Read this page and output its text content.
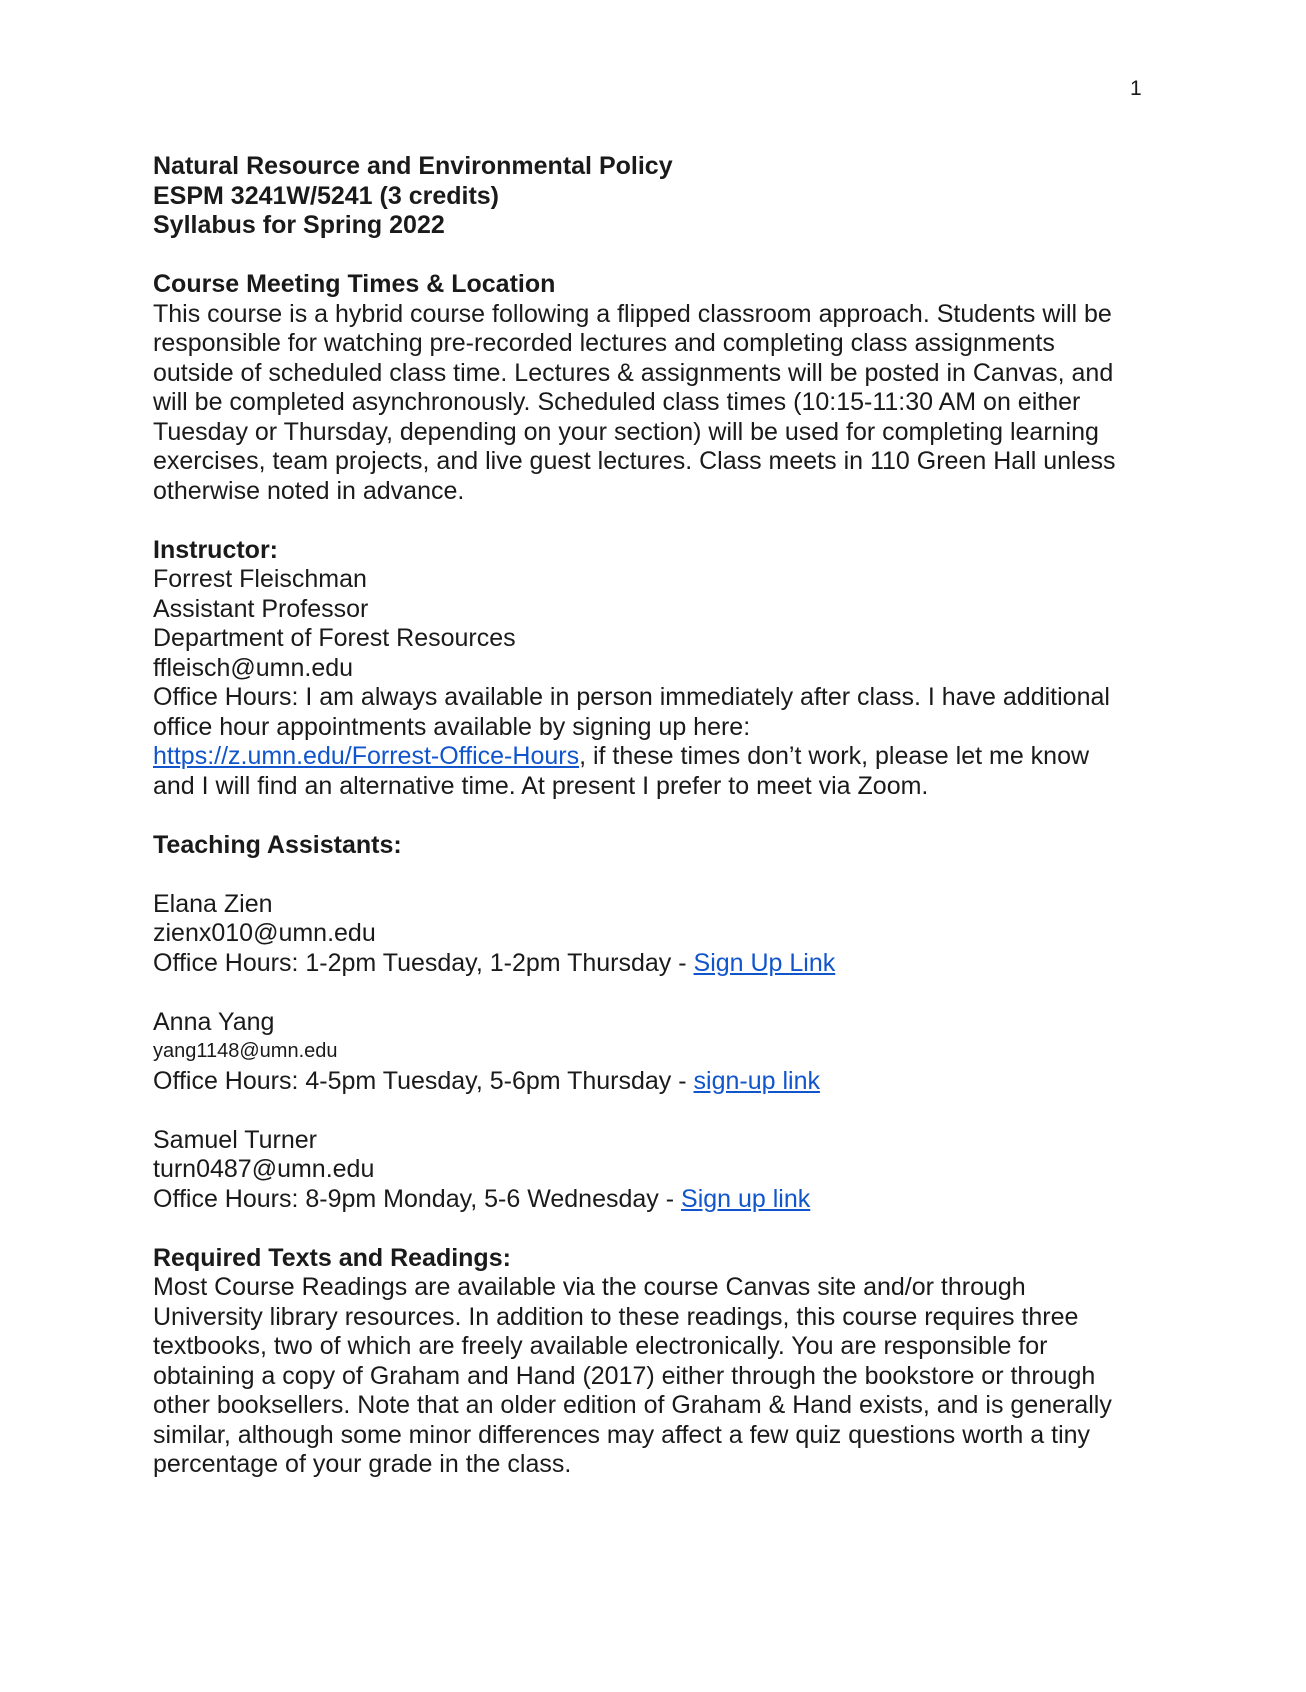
1
Natural Resource and Environmental Policy
ESPM 3241W/5241 (3 credits)
Syllabus for Spring 2022
Course Meeting Times & Location
This course is a hybrid course following a flipped classroom approach. Students will be
responsible for watching pre-recorded lectures and completing class assignments
outside of scheduled class time. Lectures & assignments will be posted in Canvas, and
will be completed asynchronously. Scheduled class times (10:15-11:30 AM on either
Tuesday or Thursday, depending on your section) will be used for completing learning
exercises, team projects, and live guest lectures. Class meets in 110 Green Hall unless
otherwise noted in advance.
Instructor:
Forrest Fleischman
Assistant Professor
Department of Forest Resources
ffleisch@umn.edu
Office Hours: I am always available in person immediately after class. I have additional
office hour appointments available by signing up here:
https://z.umn.edu/Forrest-Office-Hours, if these times don’t work, please let me know
and I will find an alternative time. At present I prefer to meet via Zoom.
Teaching Assistants:
Elana Zien
zienx010@umn.edu
Office Hours: 1-2pm Tuesday, 1-2pm Thursday - Sign Up Link
Anna Yang
yang1148@umn.edu
Office Hours: 4-5pm Tuesday, 5-6pm Thursday - sign-up link
Samuel Turner
turn0487@umn.edu
Office Hours: 8-9pm Monday, 5-6 Wednesday - Sign up link
Required Texts and Readings:
Most Course Readings are available via the course Canvas site and/or through
University library resources. In addition to these readings, this course requires three
textbooks, two of which are freely available electronically. You are responsible for
obtaining a copy of Graham and Hand (2017) either through the bookstore or through
other booksellers. Note that an older edition of Graham & Hand exists, and is generally
similar, although some minor differences may affect a few quiz questions worth a tiny
percentage of your grade in the class.
